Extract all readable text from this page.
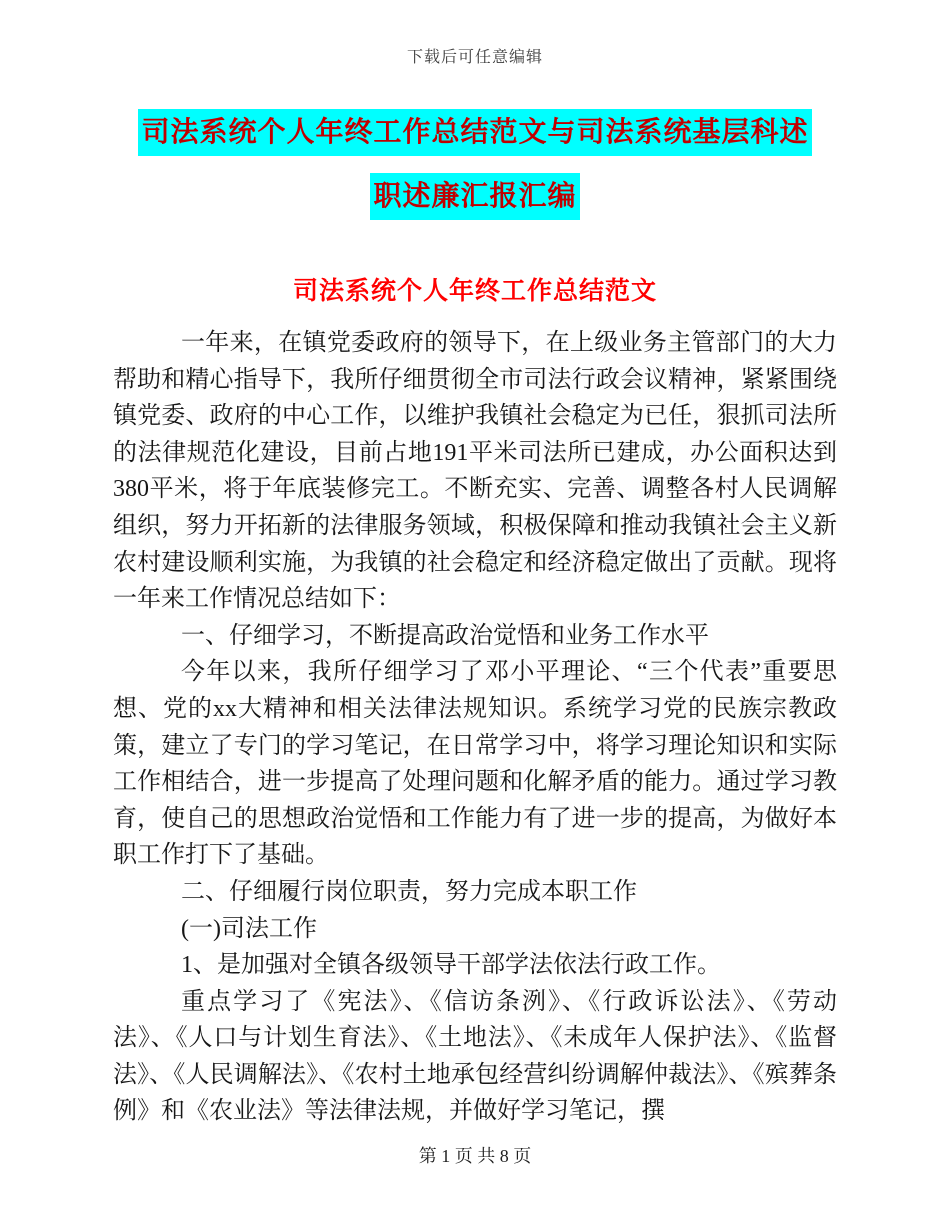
下载后可任意编辑
司法系统个人年终工作总结范文与司法系统基层科述职述廉汇报汇编
司法系统个人年终工作总结范文

一年来，在镇党委政府的领导下，在上级业务主管部门的大力帮助和精心指导下，我所仔细贯彻全市司法行政会议精神，紧紧围绕镇党委、政府的中心工作，以维护我镇社会稳定为已任，狠抓司法所的法律规范化建设，目前占地191平米司法所已建成，办公面积达到380平米，将于年底装修完工。不断充实、完善、调整各村人民调解组织，努力开拓新的法律服务领域，积极保障和推动我镇社会主义新农村建设顺利实施，为我镇的社会稳定和经济稳定做出了贡献。现将一年来工作情况总结如下：

一、仔细学习，不断提高政治觉悟和业务工作水平

今年以来，我所仔细学习了邓小平理论、“三个代表”重要思想、党的xx大精神和相关法律法规知识。系统学习党的民族宗教政策，建立了专门的学习笔记，在日常学习中，将学习理论知识和实际工作相结合，进一步提高了处理问题和化解矛盾的能力。通过学习教育，使自己的思想政治觉悟和工作能力有了进一步的提高，为做好本职工作打下了基础。

二、仔细履行岗位职责，努力完成本职工作

(一)司法工作

1、是加强对全镇各级领导干部学法依法行政工作。

重点学习了《宪法》、《信访条洌》、《行政诉讼法》、《劳动法》、《人口与计划生育法》、《土地法》、《未成年人保护法》、《监督法》、《人民调解法》、《农村土地承包经营纠纷调解仲裁法》、《殡葬条例》和《农业法》等法律法规，并做好学习笔记，撰

第 1 页 共 8 页
